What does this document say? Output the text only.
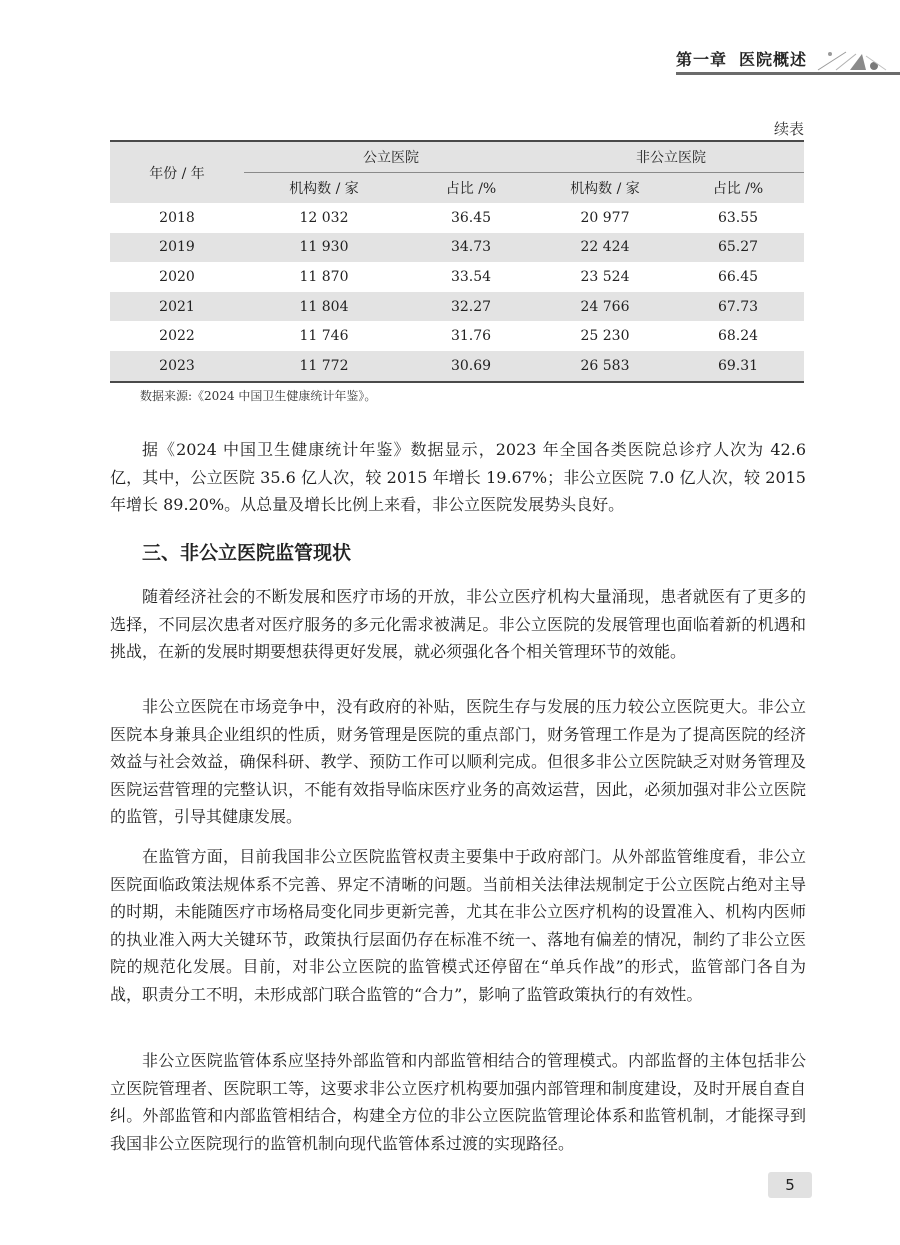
第一章 医院概述
续表
年份 / 年	公立医院		非公立医院	
	机构数 / 家	占比 /%	机构数 / 家	占比 /%
2018	12 032	36.45	20 977	63.55
2019	11 930	34.73	22 424	65.27
2020	11 870	33.54	23 524	66.45
2021	11 804	32.27	24 766	67.73
2022	11 746	31.76	25 230	68.24
2023	11 772	30.69	26 583	69.31
数据来源:《2024 中国卫生健康统计年鉴》。

据《2024 中国卫生健康统计年鉴》数据显示，2023 年全国各类医院总诊疗人次为 42.6 亿，其中，公立医院 35.6 亿人次，较 2015 年增长 19.67%；非公立医院 7.0 亿人次，较 2015 年增长 89.20%。从总量及增长比例上来看，非公立医院发展势头良好。

三、非公立医院监管现状

随着经济社会的不断发展和医疗市场的开放，非公立医疗机构大量涌现，患者就医有了更多的选择，不同层次患者对医疗服务的多元化需求被满足。非公立医院的发展管理也面临着新的机遇和挑战，在新的发展时期要想获得更好发展，就必须强化各个相关管理环节的效能。

非公立医院在市场竞争中，没有政府的补贴，医院生存与发展的压力较公立医院更大。非公立医院本身兼具企业组织的性质，财务管理是医院的重点部门，财务管理工作是为了提高医院的经济效益与社会效益，确保科研、教学、预防工作可以顺利完成。但很多非公立医院缺乏对财务管理及医院运营管理的完整认识，不能有效指导临床医疗业务的高效运营，因此，必须加强对非公立医院的监管，引导其健康发展。

在监管方面，目前我国非公立医院监管权责主要集中于政府部门。从外部监管维度看，非公立医院面临政策法规体系不完善、界定不清晰的问题。当前相关法律法规制定于公立医院占绝对主导的时期，未能随医疗市场格局变化同步更新完善，尤其在非公立医疗机构的设置准入、机构内医师的执业准入两大关键环节，政策执行层面仍存在标准不统一、落地有偏差的情况，制约了非公立医院的规范化发展。目前，对非公立医院的监管模式还停留在“单兵作战”的形式，监管部门各自为战，职责分工不明，未形成部门联合监管的“合力”，影响了监管政策执行的有效性。

非公立医院监管体系应坚持外部监管和内部监管相结合的管理模式。内部监督的主体包括非公立医院管理者、医院职工等，这要求非公立医疗机构要加强内部管理和制度建设，及时开展自查自纠。外部监管和内部监管相结合，构建全方位的非公立医院监管理论体系和监管机制，才能探寻到我国非公立医院现行的监管机制向现代监管体系过渡的实现路径。

5
